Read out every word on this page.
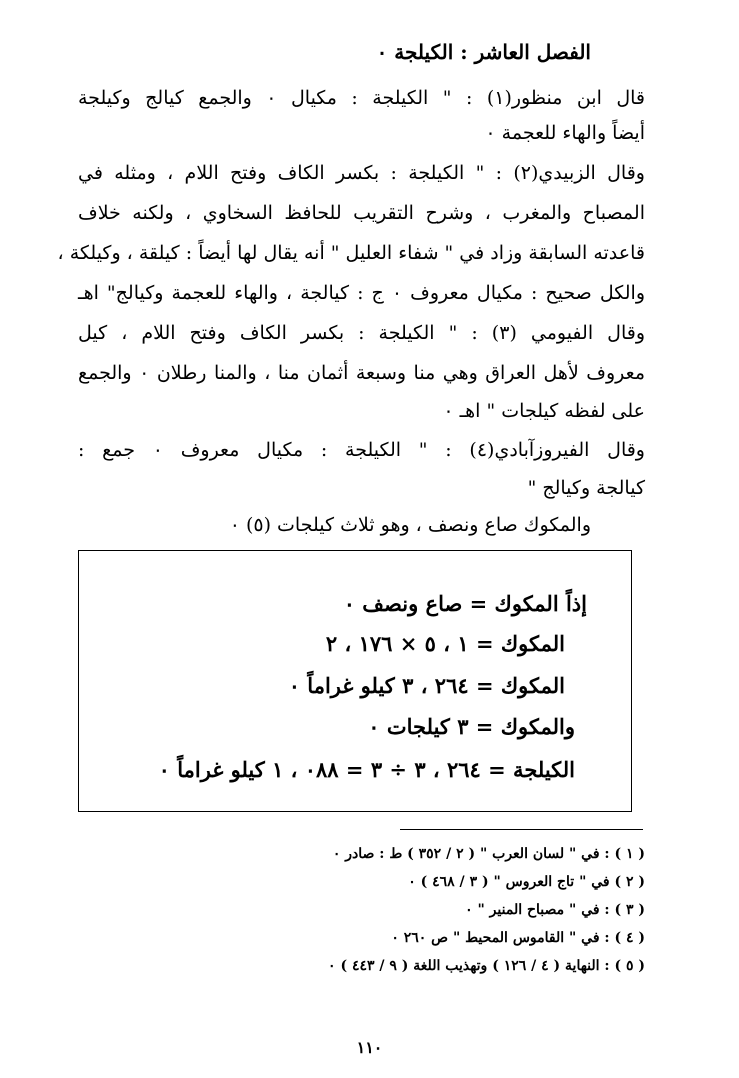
الفصل العاشر : الكيلجة ٠
قال ابن منظور(١) : " الكيلجة : مكيال ٠ والجمع كيالج وكيلجة
أيضاً والهاء للعجمة ٠
وقال الزبيدي(٢) : " الكيلجة : بكسر الكاف وفتح اللام ، ومثله في
المصباح والمغرب ، وشرح التقريب للحافظ السخاوي ، ولكنه خلاف
قاعدته السابقة وزاد في " شفاء العليل " أنه يقال لها أيضاً : كيلقة ، وكيلكة ،
والكل صحيح : مكيال معروف ٠ ج : كيالجة ، والهاء للعجمة وكيالج" اهـ
وقال الفيومي (٣) : " الكيلجة : بكسر الكاف وفتح اللام ، كيل
معروف لأهل العراق وهي منا وسبعة أثمان منا ، والمنا رطلان ٠ والجمع
على لفظه كيلجات " اهـ ٠
وقال الفيروزآبادي(٤) : " الكيلجة : مكيال معروف ٠ جمع :
كيالجة وكيالج "
والمكوك صاع ونصف ، وهو ثلاث كيلجات (٥) ٠
إذاً المكوك = صاع ونصف ٠
المكوك = ١ ، ٥ × ١٧٦ ، ٢
المكوك = ٢٦٤ ، ٣ كيلو غراماً ٠
والمكوك = ٣ كيلجات ٠
الكيلجة = ٢٦٤ ، ٣ ÷ ٣ = ٠٨٨ ، ١ كيلو غراماً ٠
( ١ ) : في " لسان العرب " ( ٢ / ٣٥٢ ) ط : صادر ٠
( ٢ ) في " تاج العروس " ( ٣ / ٤٦٨ ) ٠
( ٣ ) : في " مصباح المنير " ٠
( ٤ ) : في " القاموس المحيط " ص ٢٦٠ ٠
( ٥ ) : النهاية ( ٤ / ١٢٦ ) وتهذيب اللغة ( ٩ / ٤٤٣ ) ٠
١١٠
